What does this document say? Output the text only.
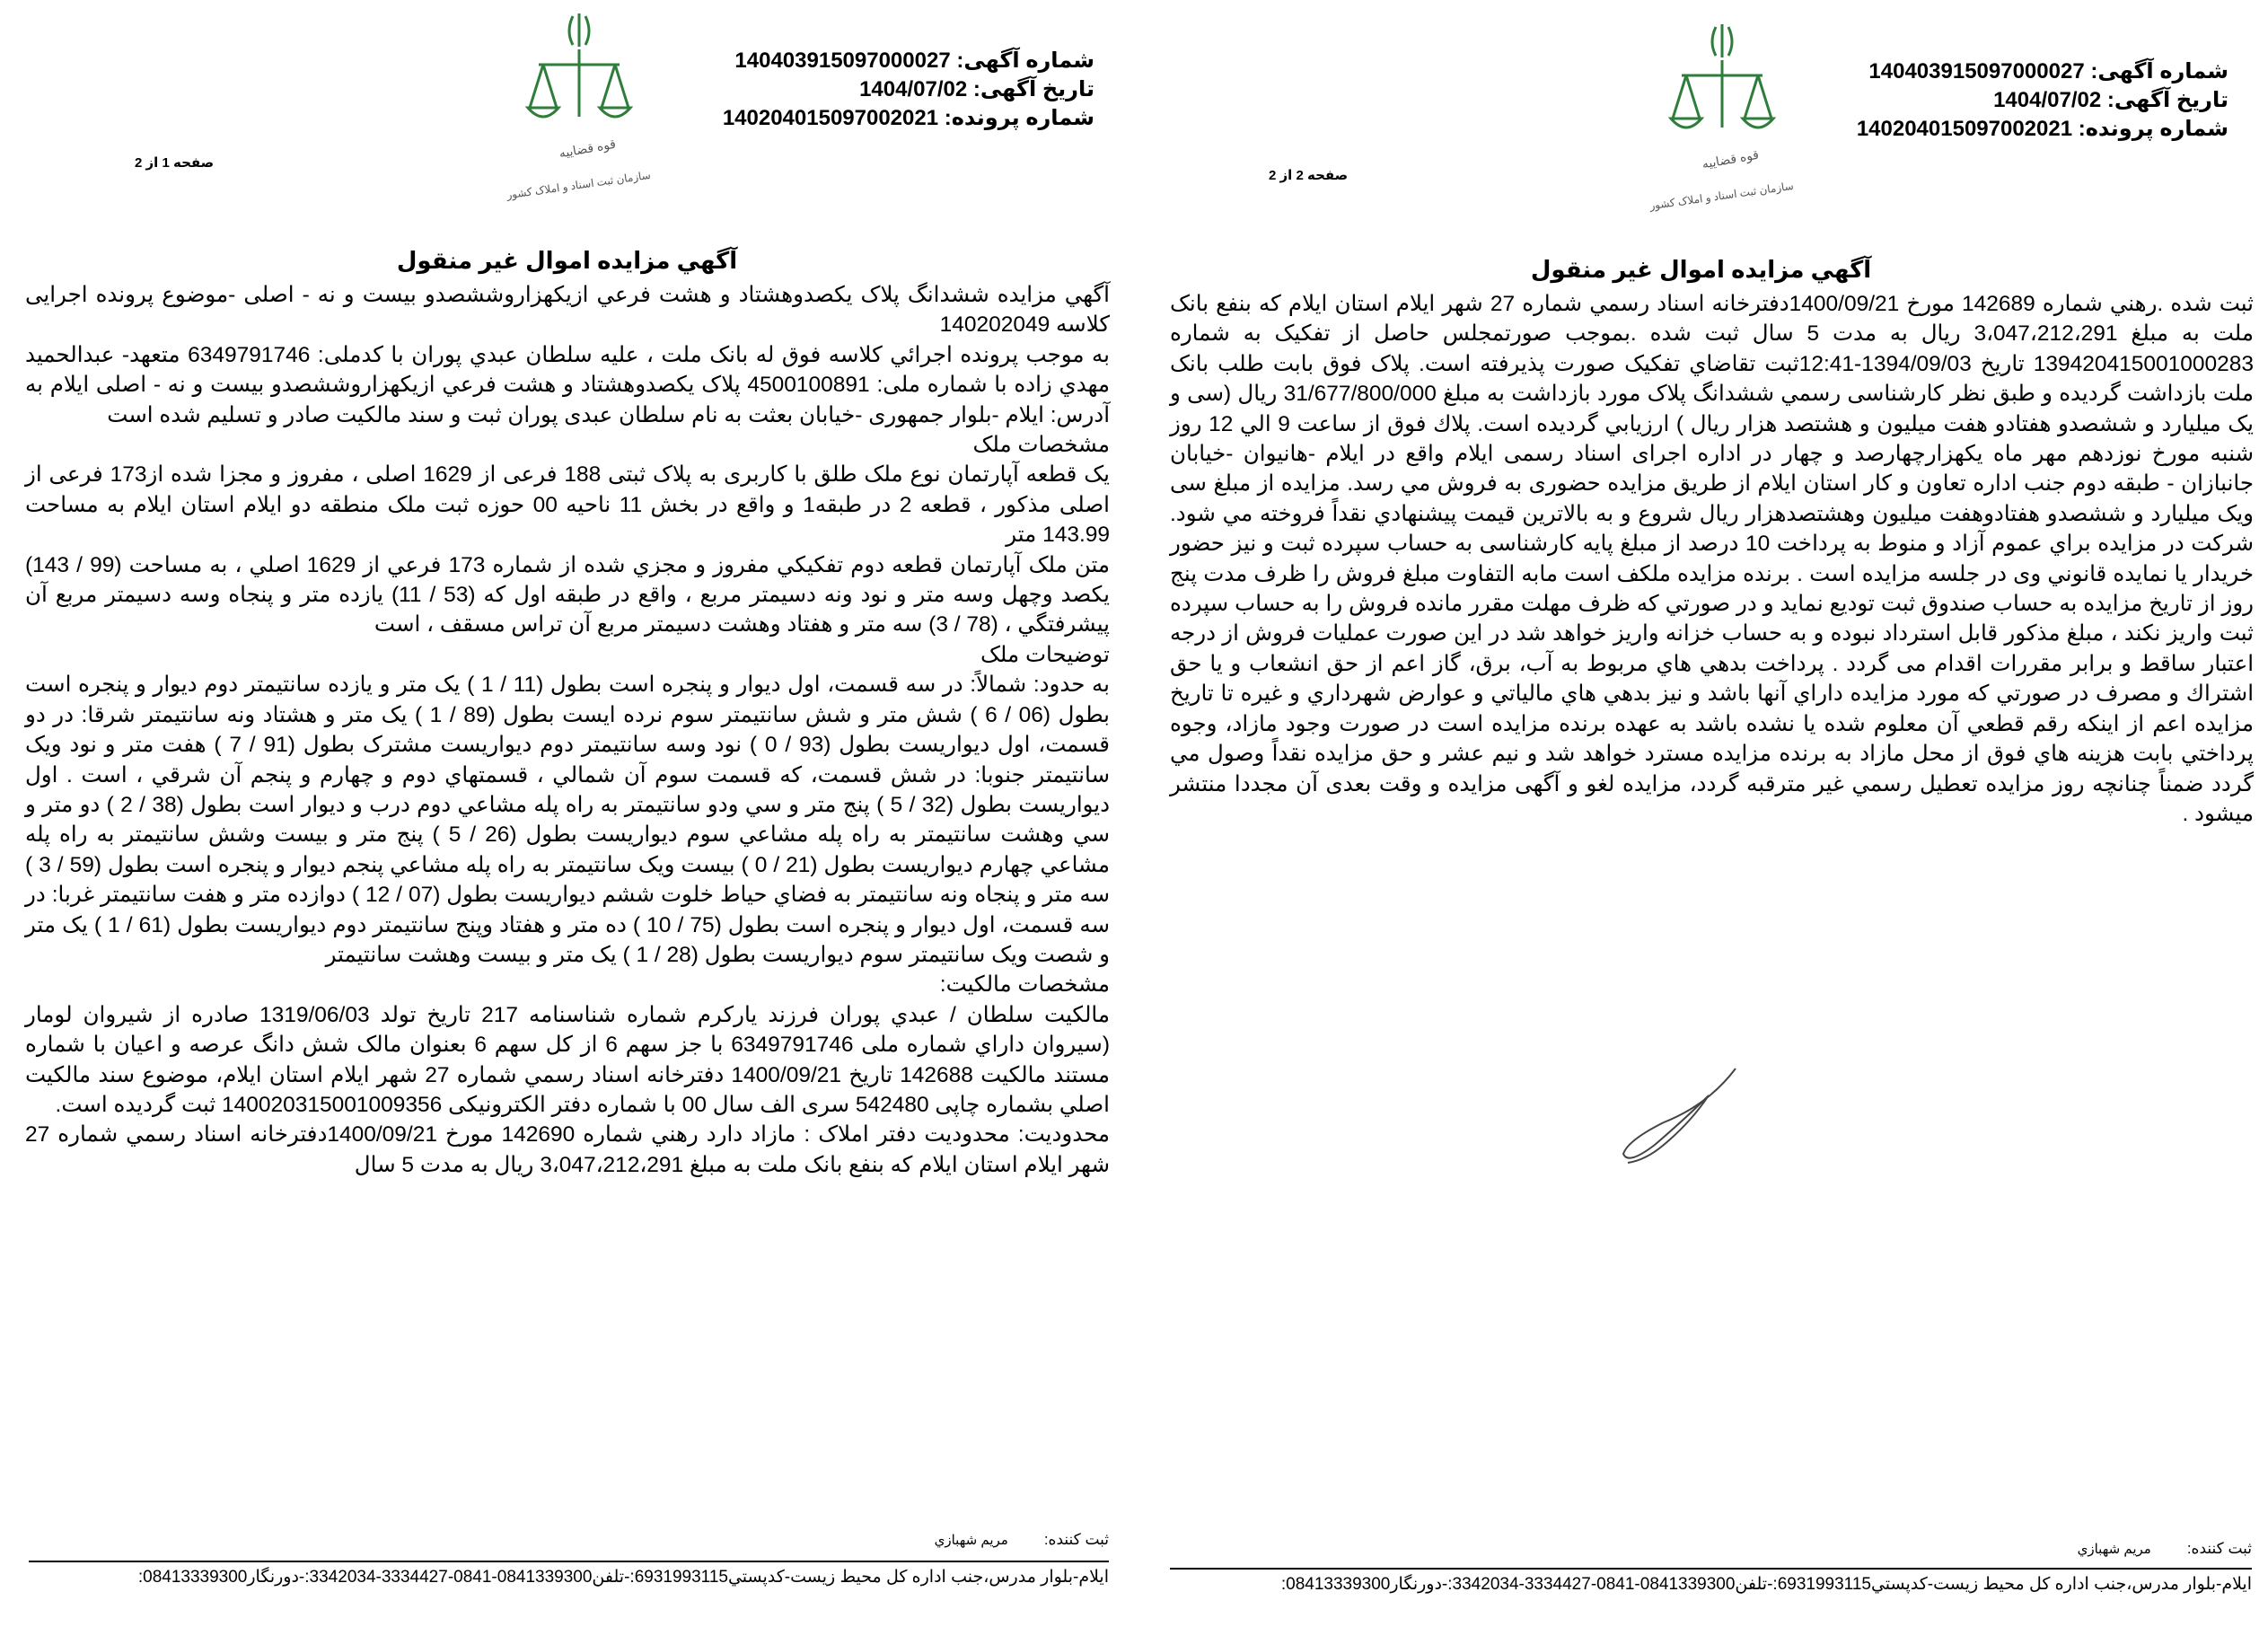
شماره آگهی: 140403915097000027
تاریخ آگهی: 1404/07/02
شماره پرونده: 140204015097002021
قوه قضاییه
سازمان ثبت اسناد و املاک کشور
صفحه 1 از 2
آگهي مزايده اموال غير منقول

آگهي مزايده ششدانگ پلاک يکصدوهشتاد و هشت فرعي ازيکهزاروششصدو بيست و نه - اصلی -موضوع پرونده اجرایی کلاسه 140202049

به موجب پرونده اجرائي كلاسه فوق له بانک ملت ، علیه سلطان عبدي پوران با کدملی: 6349791746 متعهد- عبدالحميد مهدي زاده با شماره ملی: 4500100891 پلاک يکصدوهشتاد و هشت فرعي ازيکهزاروششصدو بيست و نه - اصلی ايلام به آدرس: ايلام -بلوار جمهوری -خیابان بعثت به نام سلطان عبدی پوران ثبت و سند مالكيت صادر و تسليم شده است

مشخصات ملک

يک قطعه آپارتمان نوع ملک طلق با کاربری به پلاک ثبتی 188 فرعی از 1629 اصلی ، مفروز و مجزا شده از173 فرعی از اصلی مذکور ، قطعه 2 در طبقه1 و واقع در بخش 11 ناحيه 00 حوزه ثبت ملک منطقه دو ايلام استان ايلام به مساحت 143.99 متر

متن ملک آپارتمان قطعه دوم تفکيکي مفروز و مجزي شده از شماره 173 فرعي از 1629 اصلي ، به مساحت (99 / 143) يکصد وچهل وسه متر و نود ونه دسيمتر مربع ، واقع در طبقه اول که (53 / 11) يازده متر و پنجاه وسه دسيمتر مربع آن پيشرفتگي ، (78 / 3) سه متر و هفتاد وهشت دسيمتر مربع آن تراس مسقف ، است

توضیحات ملک

به حدود: شمالاً: در سه قسمت، اول ديوار و پنجره است بطول (11 / 1 ) يک متر و يازده سانتيمتر دوم ديوار و پنجره است بطول (06 / 6 ) شش متر و شش سانتيمتر سوم نرده ايست بطول (89 / 1 ) يک متر و هشتاد ونه سانتيمتر شرقا: در دو قسمت، اول ديواريست بطول (93 / 0 ) نود وسه سانتيمتر دوم ديواريست مشترک بطول (91 / 7 ) هفت متر و نود ويک سانتيمتر جنوبا: در شش قسمت، که قسمت سوم آن شمالي ، قسمتهاي دوم و چهارم و پنجم آن شرقي ، است . اول ديواريست بطول (32 / 5 ) پنج متر و سي ودو سانتيمتر به راه پله مشاعي دوم درب و ديوار است بطول (38 / 2 ) دو متر و سي وهشت سانتيمتر به راه پله مشاعي سوم ديواريست بطول (26 / 5 ) پنج متر و بيست وشش سانتيمتر به راه پله مشاعي چهارم ديواريست بطول (21 / 0 ) بيست ويک سانتيمتر به راه پله مشاعي پنجم ديوار و پنجره است بطول (59 / 3 ) سه متر و پنجاه ونه سانتيمتر به فضاي حياط خلوت ششم ديواريست بطول (07 / 12 ) دوازده متر و هفت سانتيمتر غربا: در سه قسمت، اول ديوار و پنجره است بطول (75 / 10 ) ده متر و هفتاد وپنج سانتيمتر دوم ديواريست بطول (61 / 1 ) يک متر و شصت ويک سانتيمتر سوم ديواريست بطول (28 / 1 ) يک متر و بيست وهشت سانتيمتر

مشخصات مالکیت:

مالکيت سلطان / عبدي پوران فرزند يارکرم شماره شناسنامه 217 تاريخ تولد 1319/06/03 صادره از شيروان لومار (سيروان داراي شماره ملی 6349791746 با جز سهم 6 از کل سهم 6 بعنوان مالک شش دانگ عرصه و اعيان با شماره مستند مالکيت 142688 تاريخ 1400/09/21 دفترخانه اسناد رسمي شماره 27 شهر ايلام استان ايلام، موضوع سند مالکيت اصلي بشماره چاپی 542480 سری الف سال 00 با شماره دفتر الکترونيکی 140020315001009356 ثبت گرديده است.

محدوديت: محدوديت دفتر املاک : مازاد دارد رهني شماره 142690 مورخ 1400/09/21دفترخانه اسناد رسمي شماره 27 شهر ايلام استان ايلام که بنفع بانک ملت به مبلغ 3،047،212،291 ريال به مدت 5 سال

ثبت کننده:مريم شهبازي
ايلام-بلوار مدرس،جنب اداره کل محيط زيست-کدپستي6931993115:-تلفن0841339300-0841-3334427-3342034:-دورنگار08413339300:
شماره آگهی: 140403915097000027
تاریخ آگهی: 1404/07/02
شماره پرونده: 140204015097002021
قوه قضاییه
سازمان ثبت اسناد و املاک کشور
صفحه 2 از 2
آگهي مزايده اموال غير منقول

ثبت شده .رهني شماره 142689 مورخ 1400/09/21دفترخانه اسناد رسمي شماره 27 شهر ايلام استان ايلام که بنفع بانک ملت به مبلغ 3،047،212،291 ريال به مدت 5 سال ثبت شده .بموجب صورتمجلس حاصل از تفکيک به شماره 139420415001000283 تاريخ 1394/09/03-12:41ثبت تقاضاي تفکيک صورت پذيرفته است. پلاک فوق بابت طلب بانک ملت بازداشت گرديده و طبق نظر کارشناسی رسمي ششدانگ پلاک مورد بازداشت به مبلغ 31/677/800/000 ريال (سی و يک ميليارد و ششصدو هفتادو هفت ميليون و هشتصد هزار ريال ) ارزيابي گرديده است. پلاك فوق از ساعت 9 الي 12 روز شنبه مورخ نوزدهم مهر ماه يکهزارچهارصد و چهار در اداره اجرای اسناد رسمی ايلام واقع در ايلام -هانيوان -خيابان جانبازان - طبقه دوم جنب اداره تعاون و کار استان ايلام از طريق مزايده حضوری به فروش مي رسد. مزايده از مبلغ سی ويک ميليارد و ششصدو هفتادوهفت ميليون وهشتصدهزار ريال شروع و به بالاترين قيمت پيشنهادي نقداً فروخته مي شود. شرکت در مزايده براي عموم آزاد و منوط به پرداخت 10 درصد از مبلغ پايه كارشناسی به حساب سپرده ثبت و نيز حضور خريدار يا نمايده قانوني وی در جلسه مزايده است . برنده مزايده ملکف است مابه التفاوت مبلغ فروش را ظرف مدت پنج روز از تاريخ مزايده به حساب صندوق ثبت توديع نمايد و در صورتي که ظرف مهلت مقرر مانده فروش را به حساب سپرده ثبت واريز نکند ، مبلغ مذکور قابل استرداد نبوده و به حساب خزانه واريز خواهد شد در اين صورت عمليات فروش از درجه اعتبار ساقط و برابر مقررات اقدام مى گردد . پرداخت بدهي هاي مربوط به آب، برق، گاز اعم از حق انشعاب و يا حق اشتراك و مصرف در صورتي كه مورد مزايده داراي آنها باشد و نيز بدهي هاي مالياتي و عوارض شهرداري و غيره تا تاريخ مزايده اعم از اينكه رقم قطعي آن معلوم شده يا نشده باشد به عهده برنده مزايده است در صورت وجود مازاد، وجوه پرداختي بابت هزينه هاي فوق از محل مازاد به برنده مزايده مسترد خواهد شد و نيم عشر و حق مزايده نقداً وصول مي گردد ضمناً چنانچه روز مزايده تعطيل رسمي غير مترقبه گردد، مزايده لغو و آگهی مزايده و وقت بعدی آن مجددا منتشر ميشود .

ثبت کننده:مريم شهبازي
ايلام-بلوار مدرس،جنب اداره کل محيط زيست-کدپستي6931993115:-تلفن0841339300-0841-3334427-3342034:-دورنگار08413339300:
